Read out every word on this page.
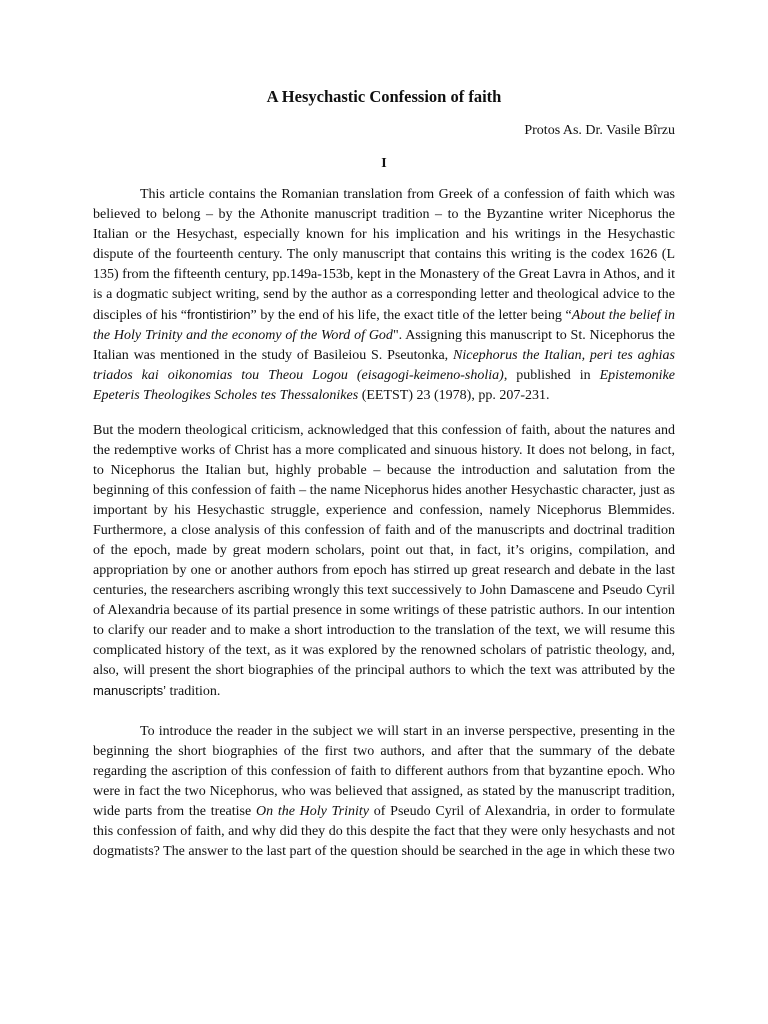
A Hesychastic Confession of faith
Protos As. Dr. Vasile Bîrzu
I

This article contains the Romanian translation from Greek of a confession of faith which was believed to belong – by the Athonite manuscript tradition – to the Byzantine writer Nicephorus the Italian or the Hesychast, especially known for his implication and his writings in the Hesychastic dispute of the fourteenth century. The only manuscript that contains this writing is the codex 1626 (L 135) from the fifteenth century, pp.149a-153b, kept in the Monastery of the Great Lavra in Athos, and it is a dogmatic subject writing, send by the author as a corresponding letter and theological advice to the disciples of his “frontistirion” by the end of his life, the exact title of the letter being “About the belief in the Holy Trinity and the economy of the Word of God". Assigning this manuscript to St. Nicephorus the Italian was mentioned in the study of Basileiou S. Pseutonka, Nicephorus the Italian, peri tes aghias triados kai oikonomias tou Theou Logou (eisagogi-keimeno-sholia), published in Epistemonike Epeteris Theologikes Scholes tes Thessalonikes (EETST) 23 (1978), pp. 207-231.

But the modern theological criticism, acknowledged that this confession of faith, about the natures and the redemptive works of Christ has a more complicated and sinuous history. It does not belong, in fact, to Nicephorus the Italian but, highly probable – because the introduction and salutation from the beginning of this confession of faith – the name Nicephorus hides another Hesychastic character, just as important by his Hesychastic struggle, experience and confession, namely Nicephorus Blemmides. Furthermore, a close analysis of this confession of faith and of the manuscripts and doctrinal tradition of the epoch, made by great modern scholars, point out that, in fact, it’s origins, compilation, and appropriation by one or another authors from epoch has stirred up great research and debate in the last centuries, the researchers ascribing wrongly this text successively to John Damascene and Pseudo Cyril of Alexandria because of its partial presence in some writings of these patristic authors. In our intention to clarify our reader and to make a short introduction to the translation of the text, we will resume this complicated history of the text, as it was explored by the renowned scholars of patristic theology, and, also, will present the short biographies of the principal authors to which the text was attributed by the manuscripts’ tradition.

To introduce the reader in the subject we will start in an inverse perspective, presenting in the beginning the short biographies of the first two authors, and after that the summary of the debate regarding the ascription of this confession of faith to different authors from that byzantine epoch. Who were in fact the two Nicephorus, who was believed that assigned, as stated by the manuscript tradition, wide parts from the treatise On the Holy Trinity of Pseudo Cyril of Alexandria, in order to formulate this confession of faith, and why did they do this despite the fact that they were only hesychasts and not dogmatists? The answer to the last part of the question should be searched in the age in which these two
